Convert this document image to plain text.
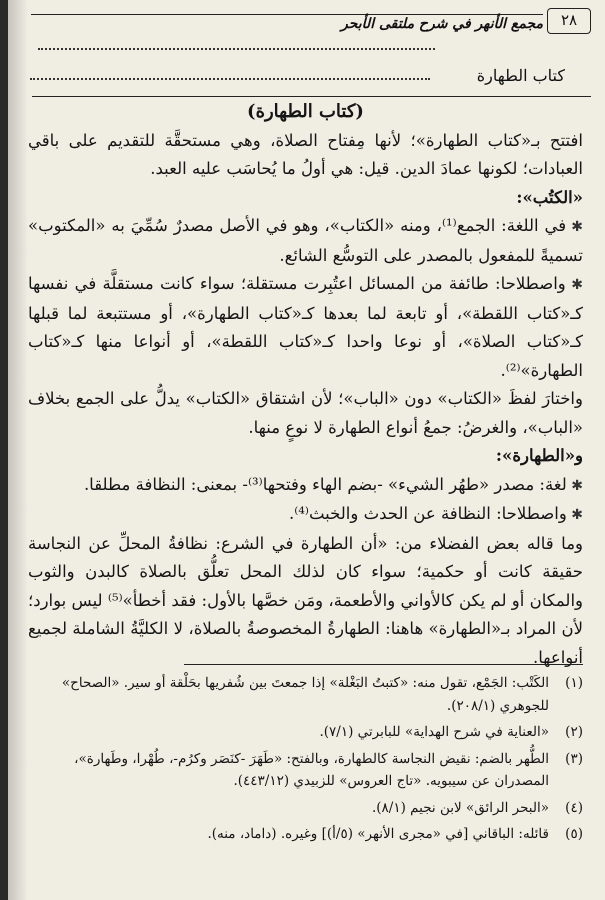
٢٨
مجمع الأنهر في شرح ملتقى الأبحر
كتاب الطهارة

(كتاب الطهارة)

افتتح بـ«كتاب الطهارة»؛ لأنها مِفتاح الصلاة، وهي مستحقَّة للتقديم على باقي العبادات؛ لكونها عمادَ الدين. قيل: هي أولُ ما يُحاسَب عليه العبد.

«الكتُب»:

✱ في اللغة: الجمع⁽¹⁾، ومنه «الكتاب»، وهو في الأصل مصدرٌ سُمِّيَ به «المكتوب» تسميةً للمفعول بالمصدر على التوسُّع الشائع.

✱ واصطلاحا: طائفة من المسائل اعتُبِرت مستقلة؛ سواء كانت مستقلَّة في نفسها كـ«كتاب اللقطة»، أو تابعة لما بعدها كـ«كتاب الطهارة»، أو مستتبعة لما قبلها كـ«كتاب الصلاة»، أو نوعا واحدا كـ«كتاب اللقطة»، أو أنواعا منها كـ«كتاب الطهارة»⁽²⁾.

واختارَ لفظَ «الكتاب» دون «الباب»؛ لأن اشتقاق «الكتاب» يدلُّ على الجمع بخلاف «الباب»، والغرضُ: جمعُ أنواع الطهارة لا نوعٍ منها.

و«الطهارة»:

✱ لغة: مصدر «طهُر الشيء» -بضم الهاء وفتحها⁽³⁾- بمعنى: النظافة مطلقا.

✱ واصطلاحا: النظافة عن الحدث والخبث⁽⁴⁾.

وما قاله بعض الفضلاء من: «أن الطهارة في الشرع: نظافةُ المحلِّ عن النجاسة حقيقة كانت أو حكمية؛ سواء كان لذلك المحل تعلُّق بالصلاة كالبدن والثوب والمكان أو لم يكن كالأواني والأطعمة، ومَن خصَّها بالأول: فقد أخطأ»⁽⁵⁾ ليس بوارد؛ لأن المراد بـ«الطهارة» هاهنا: الطهارةُ المخصوصةُ بالصلاة، لا الكليَّةُ الشاملة لجميع أنواعها.

(١)
الكَتْب: الجَمْع، تقول منه: «كتبتُ البَغْلة» إذا جمعتَ بين شُفريها بحَلْقة أو سير. «الصحاح» للجوهري (٢٠٨/١).
(٢)
«العناية في شرح الهداية» للبابرتي (٧/١).
(٣)
الطُّهر بالضم: نقيض النجاسة كالطهارة، وبالفتح: «طَهَرَ -كنَصَر وكرُم-، طُهْرا، وطَهارة»، المصدران عن سيبويه. «تاج العروس» للزبيدي (٤٤٣/١٢).
(٤)
«البحر الرائق» لابن نجيم (٨/١).
(٥)
قائله: الباقاني [في «مجرى الأنهر» (٥/أ)] وغيره. (داماد، منه).
